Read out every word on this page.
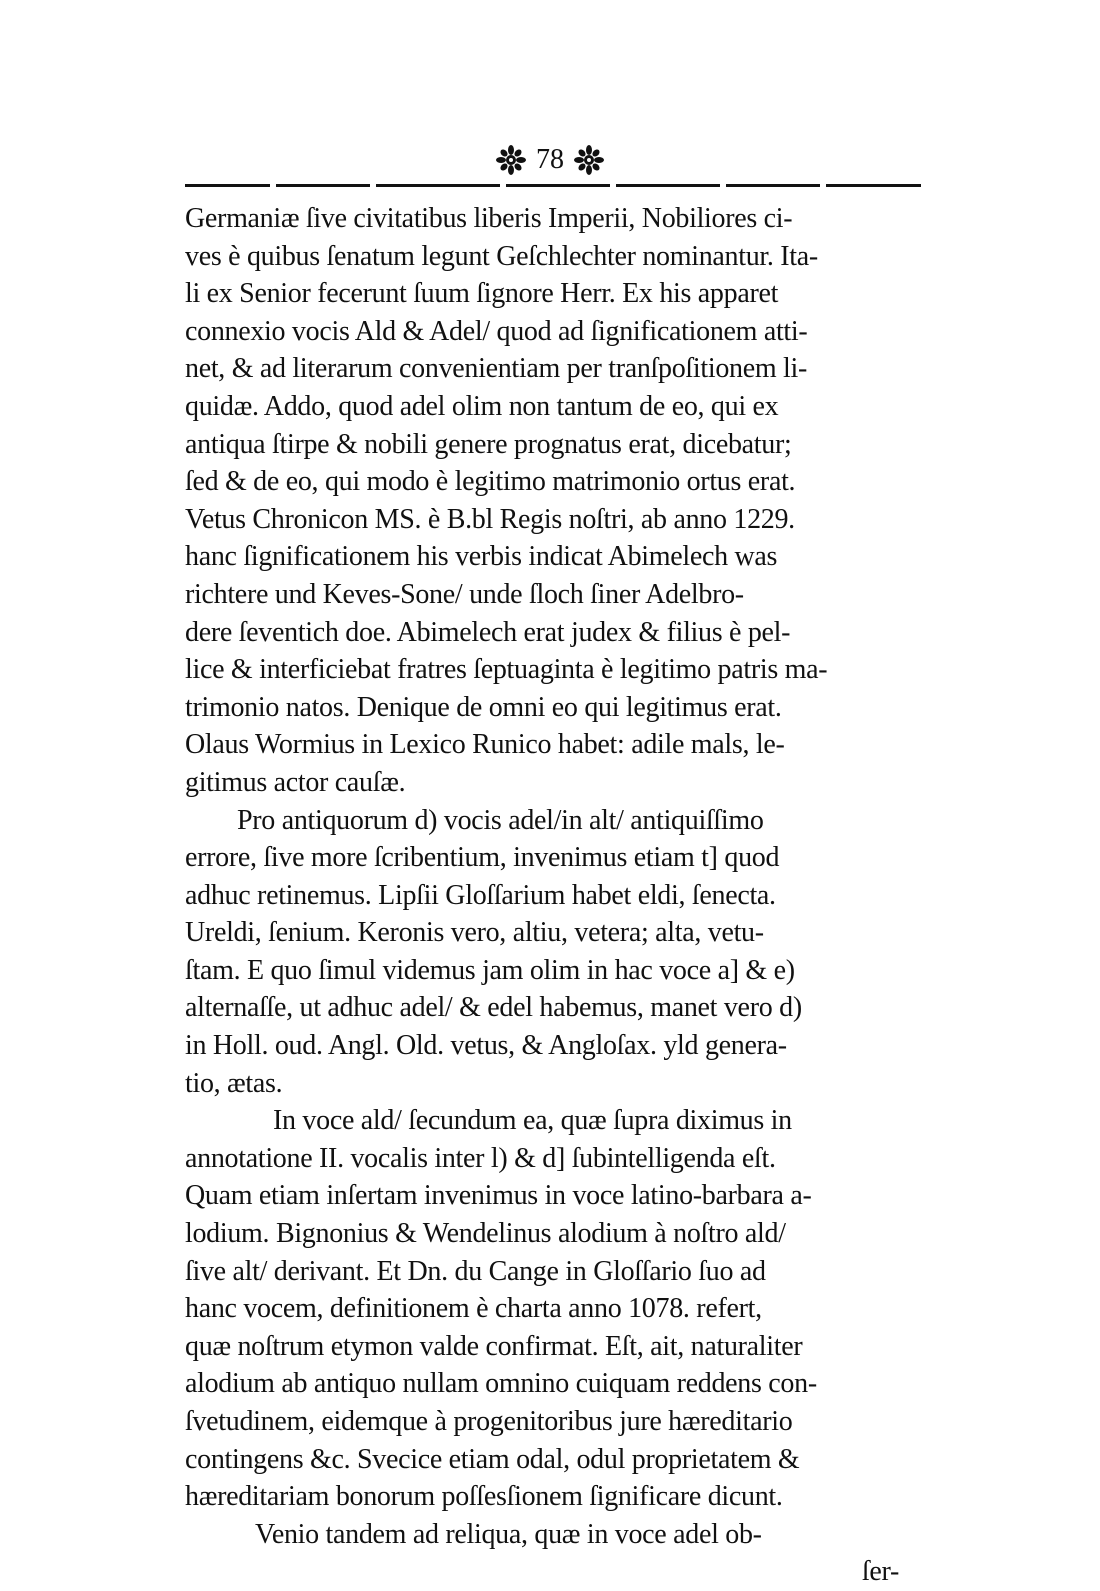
78
Germaniæ ſive civitatibus liberis Imperii, Nobiliores ci-
ves è quibus ſenatum legunt Geſchlechter nominantur. Ita-
li ex Senior fecerunt ſuum ſignore Herr. Ex his apparet
connexio vocis Ald & Adel/ quod ad ſignificationem atti-
net, & ad literarum convenientiam per tranſpoſitionem li-
quidæ. Addo, quod adel olim non tantum de eo, qui ex
antiqua ſtirpe & nobili genere prognatus erat, dicebatur;
ſed & de eo, qui modo è legitimo matrimonio ortus erat.
Vetus Chronicon MS. è B.bl Regis noſtri, ab anno 1229.
hanc ſignificationem his verbis indicat Abimelech was
richtere und Keves-Sone/ unde ſloch ſiner Adelbro-
dere ſeventich doe. Abimelech erat judex & filius è pel-
lice & interficiebat fratres ſeptuaginta è legitimo patris ma-
trimonio natos. Denique de omni eo qui legitimus erat.
Olaus Wormius in Lexico Runico habet: adile mals, le-
gitimus actor cauſæ.
Pro antiquorum d) vocis adel/in alt/ antiquiſſimo
errore, ſive more ſcribentium, invenimus etiam t] quod
adhuc retinemus. Lipſii Gloſſarium habet eldi, ſenecta.
Ureldi, ſenium. Keronis vero, altiu, vetera; alta, vetu-
ſtam. E quo ſimul videmus jam olim in hac voce a] & e)
alternaſſe, ut adhuc adel/ & edel habemus, manet vero d)
in Holl. oud. Angl. Old. vetus, & Angloſax. yld genera-
tio, ætas.
In voce ald/ ſecundum ea, quæ ſupra diximus in
annotatione II. vocalis inter l) & d] ſubintelligenda eſt.
Quam etiam inſertam invenimus in voce latino-barbara a-
lodium. Bignonius & Wendelinus alodium à noſtro ald/
ſive alt/ derivant. Et Dn. du Cange in Gloſſario ſuo ad
hanc vocem, definitionem è charta anno 1078. refert,
quæ noſtrum etymon valde confirmat. Eſt, ait, naturaliter
alodium ab antiquo nullam omnino cuiquam reddens con-
ſvetudinem, eidemque à progenitoribus jure hæreditario
contingens &c. Svecice etiam odal, odul proprietatem &
hæreditariam bonorum poſſesſionem ſignificare dicunt.
Venio tandem ad reliqua, quæ in voce adel ob-
ſer-
